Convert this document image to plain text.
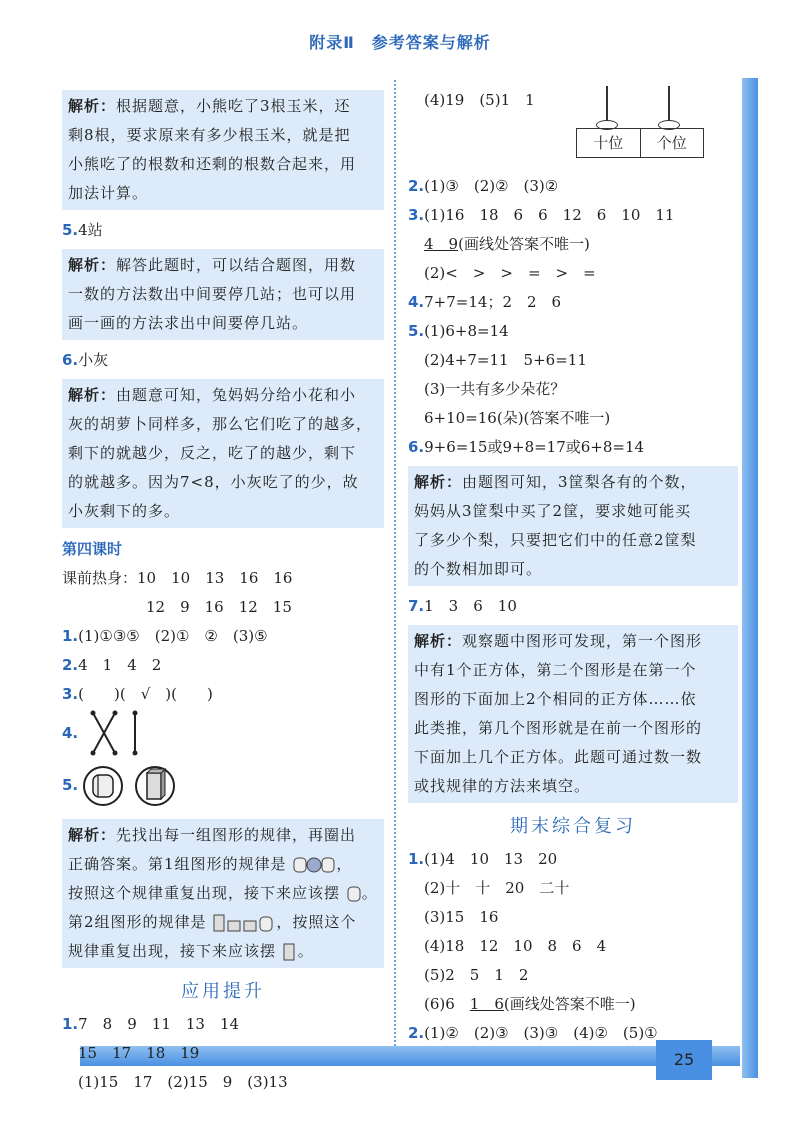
附录Ⅱ　参考答案与解析
25
解析：根据题意，小熊吃了3根玉米，还
剩8根，要求原来有多少根玉米，就是把
小熊吃了的根数和还剩的根数合起来，用
加法计算。
5.4站
解析：解答此题时，可以结合题图，用数
一数的方法数出中间要停几站；也可以用
画一画的方法求出中间要停几站。
6.小灰
解析：由题意可知，兔妈妈分给小花和小
灰的胡萝卜同样多，那么它们吃了的越多，
剩下的就越少，反之，吃了的越少，剩下
的就越多。因为7<8，小灰吃了的少，故
小灰剩下的多。
第四课时
课前热身：10　10　13　16　16
12　9　16　12　15
1.(1)①③⑤　(2)①　②　(3)⑤
2.4　1　4　2
3.(　　)(　√　)(　　)
4.
5.
解析：先找出每一组图形的规律，再圈出
正确答案。第1组图形的规律是	，
按照这个规律重复出现，接下来应该摆 。
第2组图形的规律是	，按照这个
规律重复出现，接下来应该摆 。
应用提升
1.7　8　9　11　13　14
15　17　18　19
(1)15　17　(2)15　9　(3)13
(4)19　(5)1　1
十位	个位
2.(1)③　(2)②　(3)②
3.(1)16　18　6　6　12　6　10　11
4　9(画线处答案不唯一)
(2)<　>　>　=　>　=
4.7+7=14；2　2　6
5.(1)6+8=14
(2)4+7=11　5+6=11
(3)一共有多少朵花？
6+10=16(朵)(答案不唯一)
6.9+6=15或9+8=17或6+8=14
解析：由题图可知，3筐梨各有的个数，
妈妈从3筐梨中买了2筐，要求她可能买
了多少个梨，只要把它们中的任意2筐梨
的个数相加即可。
7.1　3　6　10
解析：观察题中图形可发现，第一个图形
中有1个正方体，第二个图形是在第一个
图形的下面加上2个相同的正方体……依
此类推，第几个图形就是在前一个图形的
下面加上几个正方体。此题可通过数一数
或找规律的方法来填空。
期末综合复习
1.(1)4　10　13　20
(2)十　十　20　二十
(3)15　16
(4)18　12　10　8　6　4
(5)2　5　1　2
(6)6　1　6(画线处答案不唯一)
2.(1)②　(2)③　(3)③　(4)②　(5)①
